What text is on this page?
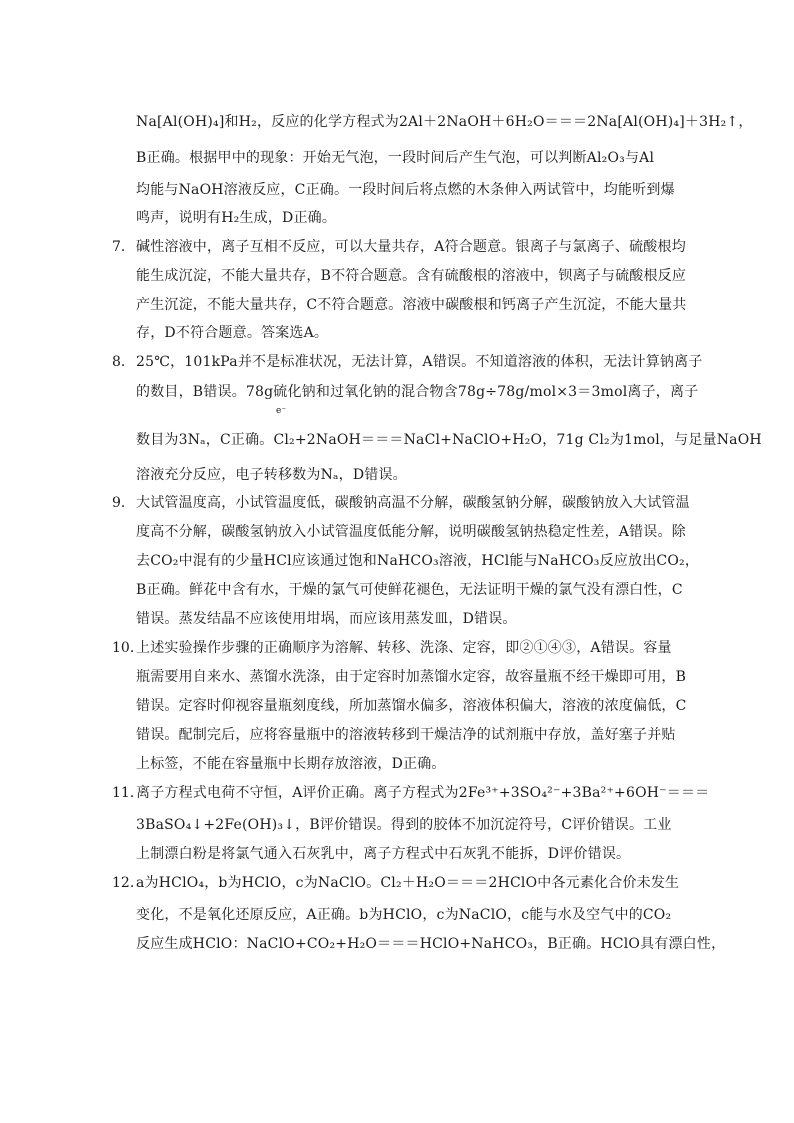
Na[Al(OH)₄]和H₂，反应的化学方程式为2Al＋2NaOH＋6H₂O＝＝＝2Na[Al(OH)₄]＋3H₂↑，
B正确。根据甲中的现象：开始无气泡，一段时间后产生气泡，可以判断Al₂O₃与Al
均能与NaOH溶液反应，C正确。一段时间后将点燃的木条伸入两试管中，均能听到爆
鸣声，说明有H₂生成，D正确。
7． 碱性溶液中，离子互相不反应，可以大量共存，A符合题意。银离子与氯离子、硫酸根均
能生成沉淀，不能大量共存，B不符合题意。含有硫酸根的溶液中，钡离子与硫酸根反应
产生沉淀，不能大量共存，C不符合题意。溶液中碳酸根和钙离子产生沉淀，不能大量共
存，D不符合题意。答案选A。
8． 25℃，101kPa并不是标准状况，无法计算，A错误。不知道溶液的体积，无法计算钠离子
的数目，B错误。78g硫化钠和过氧化钠的混合物含78g÷78g/mol×3＝3mol离子，离子
e⁻
数目为3Nₐ，C正确。Cl₂+2NaOH＝＝＝NaCl+NaClO+H₂O，71g Cl₂为1mol，与足量NaOH
溶液充分反应，电子转移数为Nₐ，D错误。
9． 大试管温度高，小试管温度低，碳酸钠高温不分解，碳酸氢钠分解，碳酸钠放入大试管温
度高不分解，碳酸氢钠放入小试管温度低能分解，说明碳酸氢钠热稳定性差，A错误。除
去CO₂中混有的少量HCl应该通过饱和NaHCO₃溶液，HCl能与NaHCO₃反应放出CO₂，
B正确。鲜花中含有水，干燥的氯气可使鲜花褪色，无法证明干燥的氯气没有漂白性，C
错误。蒸发结晶不应该使用坩埚，而应该用蒸发皿，D错误。
10．
上述实验操作步骤的正确顺序为溶解、转移、洗涤、定容，即②①④③，A错误。容量
瓶需要用自来水、蒸馏水洗涤，由于定容时加蒸馏水定容，故容量瓶不经干燥即可用，B
错误。定容时仰视容量瓶刻度线，所加蒸馏水偏多，溶液体积偏大，溶液的浓度偏低，C
错误。配制完后，应将容量瓶中的溶液转移到干燥洁净的试剂瓶中存放，盖好塞子并贴
上标签，不能在容量瓶中长期存放溶液，D正确。
11．
离子方程式电荷不守恒，A评价正确。离子方程式为2Fe³⁺+3SO₄²⁻+3Ba²⁺+6OH⁻＝＝＝
3BaSO₄↓+2Fe(OH)₃↓，B评价错误。得到的胶体不加沉淀符号，C评价错误。工业
上制漂白粉是将氯气通入石灰乳中，离子方程式中石灰乳不能拆，D评价错误。
12．
a为HClO₄，b为HClO，c为NaClO。Cl₂＋H₂O＝＝＝2HClO中各元素化合价未发生
变化，不是氧化还原反应，A正确。b为HClO，c为NaClO，c能与水及空气中的CO₂
反应生成HClO：NaClO+CO₂+H₂O＝＝＝HClO+NaHCO₃，B正确。HClO具有漂白性，
